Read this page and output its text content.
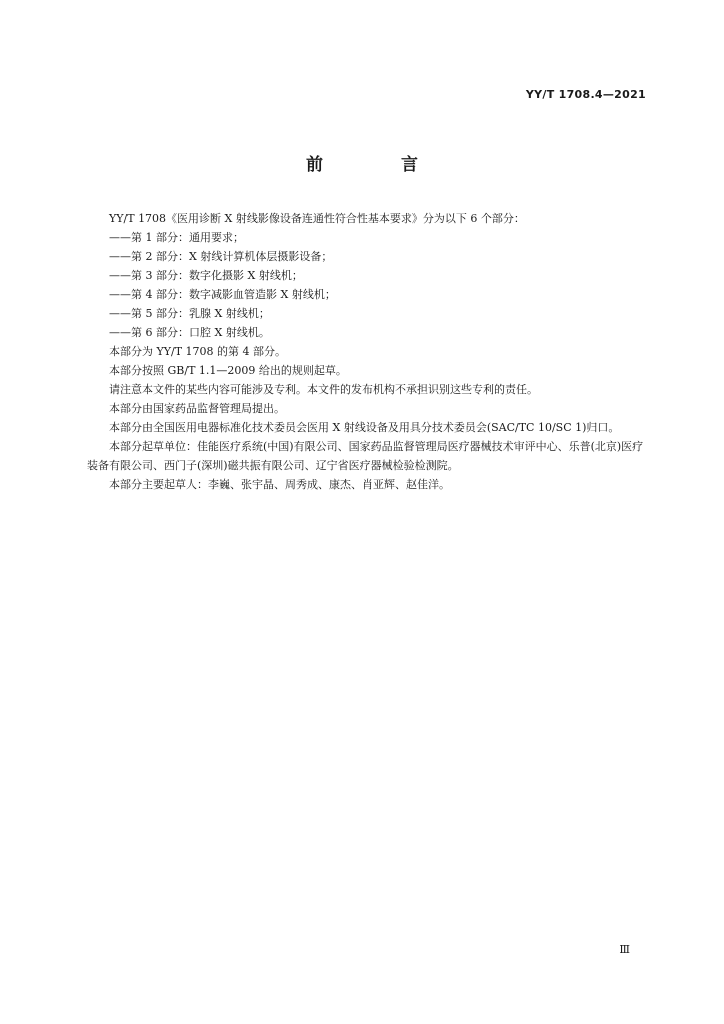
YY/T 1708.4—2021
前 言

YY/T 1708《医用诊断 X 射线影像设备连通性符合性基本要求》分为以下 6 个部分：

——第 1 部分：通用要求；

——第 2 部分：X 射线计算机体层摄影设备；

——第 3 部分：数字化摄影 X 射线机；

——第 4 部分：数字减影血管造影 X 射线机；

——第 5 部分：乳腺 X 射线机；

——第 6 部分：口腔 X 射线机。

本部分为 YY/T 1708 的第 4 部分。

本部分按照 GB/T 1.1—2009 给出的规则起草。

请注意本文件的某些内容可能涉及专利。本文件的发布机构不承担识别这些专利的责任。

本部分由国家药品监督管理局提出。

本部分由全国医用电器标准化技术委员会医用 X 射线设备及用具分技术委员会(SAC/TC 10/SC 1)归口。

本部分起草单位：佳能医疗系统(中国)有限公司、国家药品监督管理局医疗器械技术审评中心、乐普(北京)医疗装备有限公司、西门子(深圳)磁共振有限公司、辽宁省医疗器械检验检测院。

本部分主要起草人：李巍、张宇晶、周秀成、康杰、肖亚辉、赵佳洋。

Ⅲ
